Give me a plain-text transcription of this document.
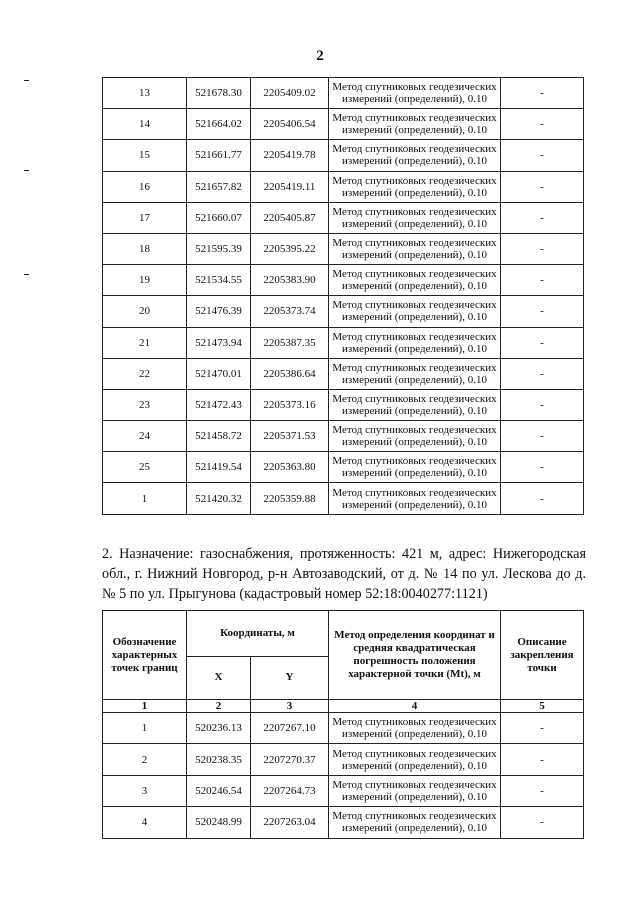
2
13	521678.30	2205409.02	Метод спутниковых геодезических измерений (определений), 0.10	-
14	521664.02	2205406.54	Метод спутниковых геодезических измерений (определений), 0.10	-
15	521661.77	2205419.78	Метод спутниковых геодезических измерений (определений), 0.10	-
16	521657.82	2205419.11	Метод спутниковых геодезических измерений (определений), 0.10	-
17	521660.07	2205405.87	Метод спутниковых геодезических измерений (определений), 0.10	-
18	521595.39	2205395.22	Метод спутниковых геодезических измерений (определений), 0.10	-
19	521534.55	2205383.90	Метод спутниковых геодезических измерений (определений), 0.10	-
20	521476.39	2205373.74	Метод спутниковых геодезических измерений (определений), 0.10	-
21	521473.94	2205387.35	Метод спутниковых геодезических измерений (определений), 0.10	-
22	521470.01	2205386.64	Метод спутниковых геодезических измерений (определений), 0.10	-
23	521472.43	2205373.16	Метод спутниковых геодезических измерений (определений), 0.10	-
24	521458.72	2205371.53	Метод спутниковых геодезических измерений (определений), 0.10	-
25	521419.54	2205363.80	Метод спутниковых геодезических измерений (определений), 0.10	-
1	521420.32	2205359.88	Метод спутниковых геодезических измерений (определений), 0.10	-
2. Назначение: газоснабжения, протяженность: 421 м, адрес: Нижегородская обл., г. Нижний Новгород, р-н Автозаводский, от д. № 14 по ул. Лескова до д. № 5 по ул. Прыгунова (кадастровый номер 52:18:0040277:1121)
Обозначение характерных точек границ	Координаты, м		Метод определения координат и средняя квадратическая погрешность положения характерной точки (Mt), м	Описание закрепления точки
	X	Y		
1	2	3	4	5
1	520236.13	2207267.10	Метод спутниковых геодезических измерений (определений), 0.10	-
2	520238.35	2207270.37	Метод спутниковых геодезических измерений (определений), 0.10	-
3	520246.54	2207264.73	Метод спутниковых геодезических измерений (определений), 0.10	-
4	520248.99	2207263.04	Метод спутниковых геодезических измерений (определений), 0.10	-
